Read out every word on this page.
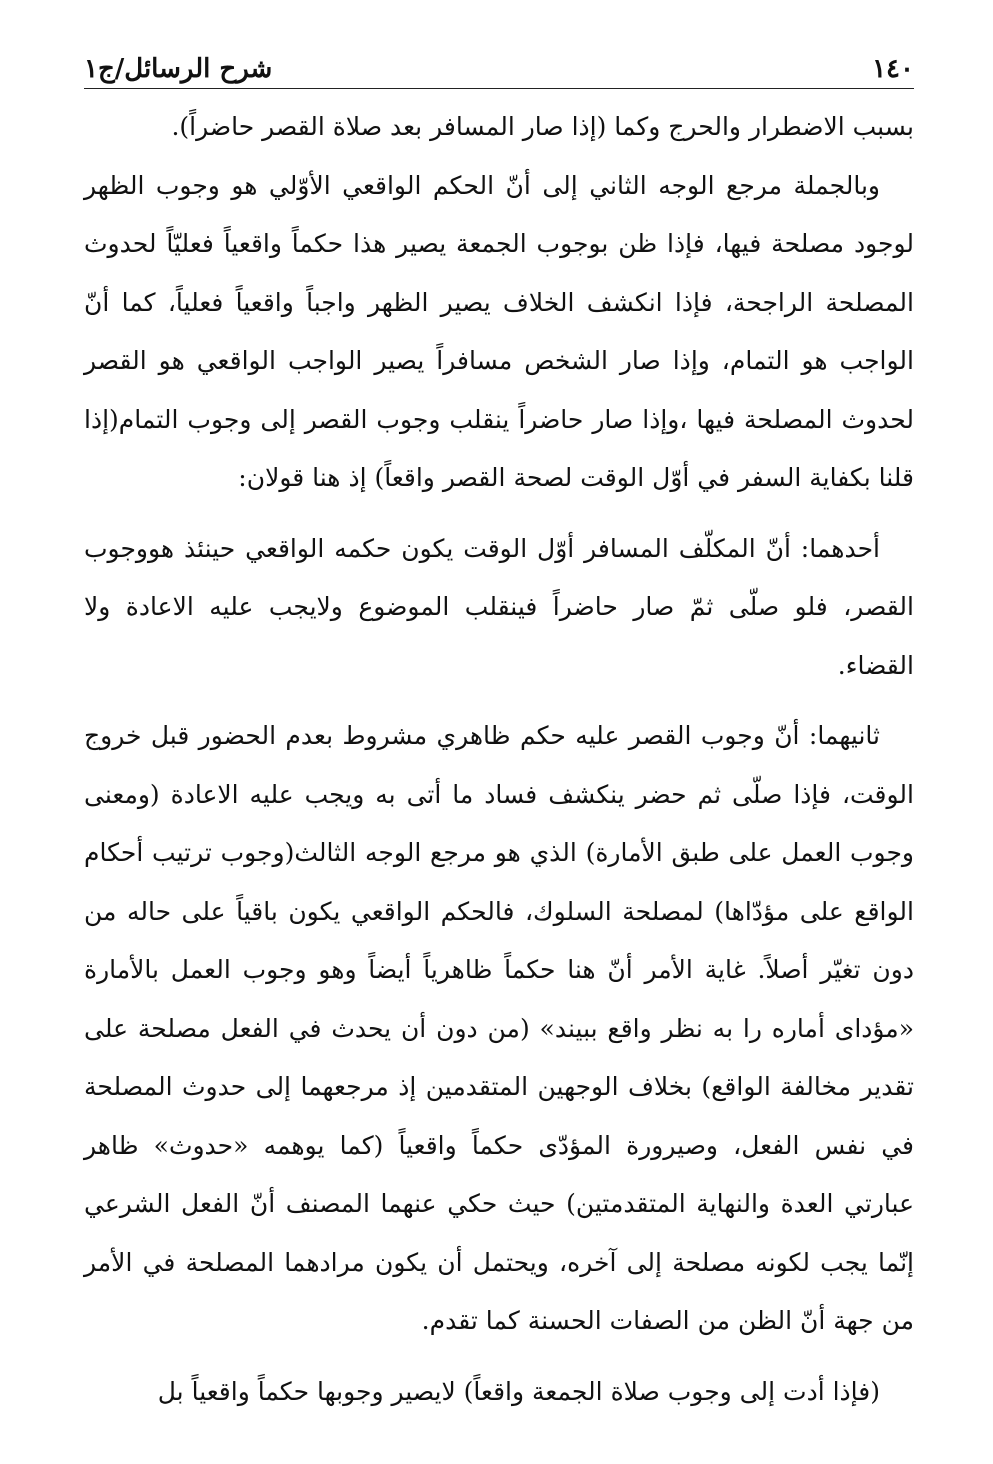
١٤٠
شرح الرسائل/ج١

بسبب الاضطرار والحرج وكما (إذا صار المسافر بعد صلاة القصر حاضراً).

وبالجملة مرجع الوجه الثاني إلى أنّ الحكم الواقعي الأوّلي هو وجوب الظهر لوجود مصلحة فيها، فإذا ظن بوجوب الجمعة يصير هذا حكماً واقعياً فعليّاً لحدوث المصلحة الراجحة، فإذا انكشف الخلاف يصير الظهر واجباً واقعياً فعلياً، كما أنّ الواجب هو التمام، وإذا صار الشخص مسافراً يصير الواجب الواقعي هو القصر لحدوث المصلحة فيها ،وإذا صار حاضراً ينقلب وجوب القصر إلى وجوب التمام(إذا قلنا بكفاية السفر في أوّل الوقت لصحة القصر واقعاً) إذ هنا قولان:

أحدهما: أنّ المكلّف المسافر أوّل الوقت يكون حكمه الواقعي حينئذ هووجوب القصر، فلو صلّى ثمّ صار حاضراً فينقلب الموضوع ولايجب عليه الاعادة ولا القضاء.

ثانيهما: أنّ وجوب القصر عليه حكم ظاهري مشروط بعدم الحضور قبل خروج الوقت، فإذا صلّى ثم حضر ينكشف فساد ما أتى به ويجب عليه الاعادة (ومعنى وجوب العمل على طبق الأمارة) الذي هو مرجع الوجه الثالث(وجوب ترتيب أحكام الواقع على مؤدّاها) لمصلحة السلوك، فالحكم الواقعي يكون باقياً على حاله من دون تغيّر أصلاً. غاية الأمر أنّ هنا حكماً ظاهرياً أيضاً وهو وجوب العمل بالأمارة «مؤداى أماره را به نظر واقع ببيند» (من دون أن يحدث في الفعل مصلحة على تقدير مخالفة الواقع) بخلاف الوجهين المتقدمين إذ مرجعهما إلى حدوث المصلحة في نفس الفعل، وصيرورة المؤدّى حكماً واقعياً (كما يوهمه «حدوث» ظاهر عبارتي العدة والنهاية المتقدمتين) حيث حكي عنهما المصنف أنّ الفعل الشرعي إنّما يجب لكونه مصلحة إلى آخره، ويحتمل أن يكون مرادهما المصلحة في الأمر من جهة أنّ الظن من الصفات الحسنة كما تقدم.

(فإذا أدت إلى وجوب صلاة الجمعة واقعاً) لايصير وجوبها حكماً واقعياً بل
